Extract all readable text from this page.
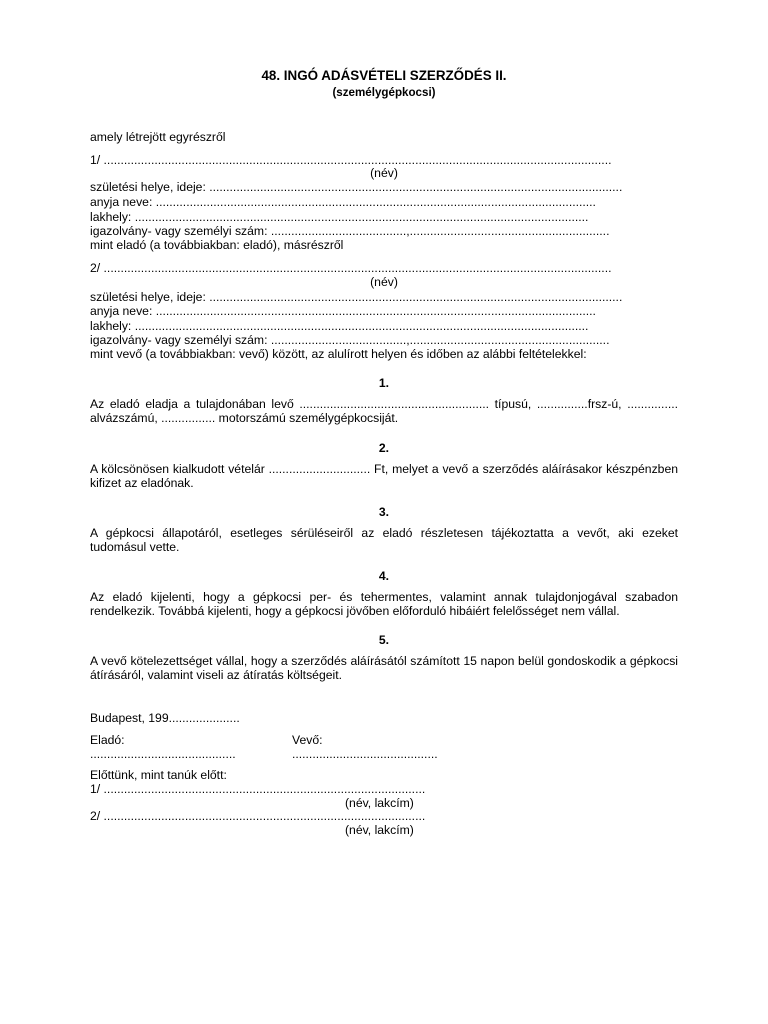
48. INGÓ ADÁSVÉTELI SZERZŐDÉS II.
(személygépkocsi)
amely létrejött egyrészről
1/ ......................................................................................................................................................
(név)
születési helye, ideje: ..........................................................................................................................
anyja neve: ..................................................................................................................................
lakhely: ......................................................................................................................................
igazolvány- vagy személyi szám: ........................................,...........................................................
mint eladó (a továbbiakban: eladó), másrészről
2/ ......................................................................................................................................................
(név)
születési helye, ideje: ..........................................................................................................................
anyja neve: ..................................................................................................................................
lakhely: ......................................................................................................................................
igazolvány- vagy személyi szám: ........................................,...........................................................
mint vevő (a továbbiakban: vevő) között, az alulírott helyen és időben az alábbi feltételekkel:
1.
Az eladó eladja a tulajdonában levő ........................................................ típusú, ...............frsz-ú, ............... alvázszámú, ................ motorszámú személygépkocsiját.
2.
A kölcsönösen kialkudott vételár .............................. Ft, melyet a vevő a szerződés aláírásakor készpénzben kifizet az eladónak.
3.
A gépkocsi állapotáról, esetleges sérüléseiről az eladó részletesen tájékoztatta a vevőt, aki ezeket tudomásul vette.
4.
Az eladó kijelenti, hogy a gépkocsi per- és tehermentes, valamint annak tulajdonjogával szabadon rendelkezik. Továbbá kijelenti, hogy a gépkocsi jövőben előforduló hibáiért felelősséget nem vállal.
5.
A vevő kötelezettséget vállal, hogy a szerződés aláírásától számított 15 napon belül gondoskodik a gépkocsi átírásáról, valamint viseli az átíratás költségeit.
Budapest, 199.....................
Eladó:	Vevő:
...........................................	...........................................
Előttünk, mint tanúk előtt:
1/ ...............................................................................................
(név, lakcím)
2/ ...............................................................................................
(név, lakcím)
